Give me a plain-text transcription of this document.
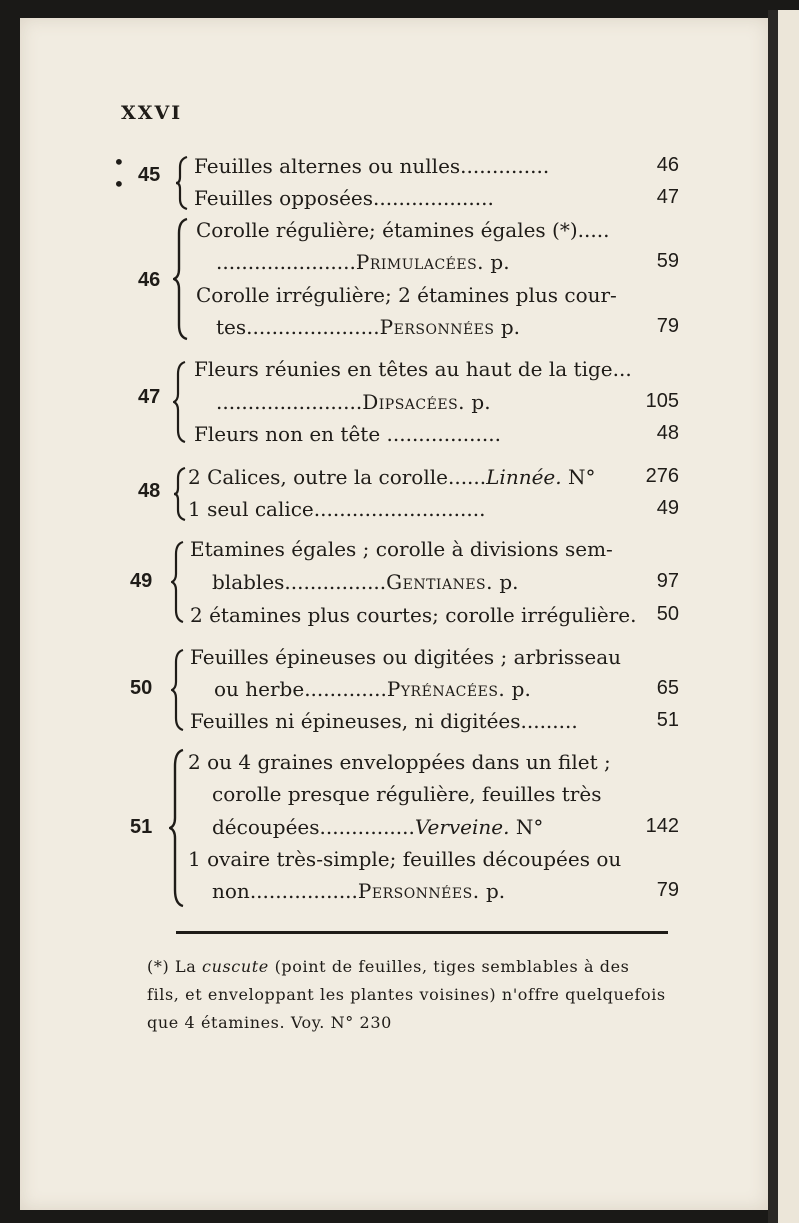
XXVI
•
• 45 Feuilles alternes ou nulles..............	46
Feuilles opposées...................	47
46
Corolle régulière; étamines égales (*).....
......................Primulacées. p.	59
Corolle irrégulière; 2 étamines plus cour-
tes.....................Personnées p.	79
47
Fleurs réunies en têtes au haut de la tige...
.......................Dipsacées. p.	105
Fleurs non en tête ..................	48
48
2 Calices, outre la corolle......Linnée. N°	276
1 seul calice...........................	49
49
Etamines égales ; corolle à divisions sem-
blables................Gentianes. p.	97
2 étamines plus courtes; corolle irrégulière. 50
50
Feuilles épineuses ou digitées ; arbrisseau
ou herbe.............Pyrénacées. p.	65
Feuilles ni épineuses, ni digitées.........	51
51
2 ou 4 graines enveloppées dans un filet ;
corolle presque régulière, feuilles très
découpées...............Verveine. N°	142
1 ovaire très-simple; feuilles découpées ou
non.................Personnées. p.	79
(*) La cuscute (point de feuilles, tiges semblables à des
fils, et enveloppant les plantes voisines) n'offre quelquefois
que 4 étamines. Voy. N° 230
